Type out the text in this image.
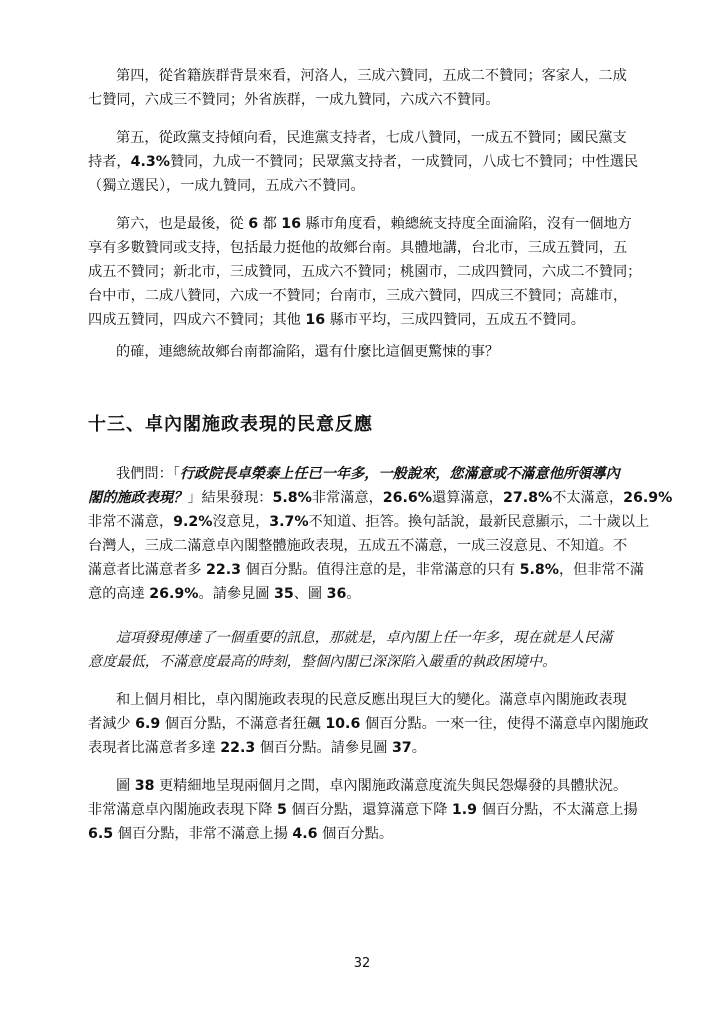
第四，從省籍族群背景來看，河洛人，三成六贊同，五成二不贊同；客家人，二成
七贊同，六成三不贊同；外省族群，一成九贊同，六成六不贊同。

第五，從政黨支持傾向看，民進黨支持者，七成八贊同，一成五不贊同；國民黨支
持者，4.3%贊同，九成一不贊同；民眾黨支持者，一成贊同，八成七不贊同；中性選民
（獨立選民），一成九贊同，五成六不贊同。

第六，也是最後，從 6 都 16 縣市角度看，賴總統支持度全面淪陷，沒有一個地方
享有多數贊同或支持，包括最力挺他的故鄉台南。具體地講，台北市，三成五贊同，五
成五不贊同；新北市，三成贊同，五成六不贊同；桃園市，二成四贊同，六成二不贊同；
台中市，二成八贊同，六成一不贊同；台南市，三成六贊同，四成三不贊同；高雄市，
四成五贊同，四成六不贊同；其他 16 縣市平均，三成四贊同，五成五不贊同。

的確，連總統故鄉台南都淪陷，還有什麼比這個更驚悚的事？

十三、卓內閣施政表現的民意反應

我們問：「行政院長卓榮泰上任已一年多，一般說來，您滿意或不滿意他所領導內
閣的施政表現？」結果發現：5.8%非常滿意，26.6%還算滿意，27.8%不太滿意，26.9%
非常不滿意，9.2%沒意見，3.7%不知道、拒答。換句話說，最新民意顯示，二十歲以上
台灣人，三成二滿意卓內閣整體施政表現，五成五不滿意，一成三沒意見、不知道。不
滿意者比滿意者多 22.3 個百分點。值得注意的是，非常滿意的只有 5.8%，但非常不滿
意的高達 26.9%。請參見圖 35、圖 36。

這項發現傳達了一個重要的訊息，那就是，卓內閣上任一年多，現在就是人民滿
意度最低，不滿意度最高的時刻，整個內閣已深深陷入嚴重的執政困境中。

和上個月相比，卓內閣施政表現的民意反應出現巨大的變化。滿意卓內閣施政表現
者減少 6.9 個百分點，不滿意者狂飆 10.6 個百分點。一來一往，使得不滿意卓內閣施政
表現者比滿意者多達 22.3 個百分點。請參見圖 37。

圖 38 更精細地呈現兩個月之間，卓內閣施政滿意度流失與民怨爆發的具體狀況。
非常滿意卓內閣施政表現下降 5 個百分點，還算滿意下降 1.9 個百分點，不太滿意上揚
6.5 個百分點，非常不滿意上揚 4.6 個百分點。

32
